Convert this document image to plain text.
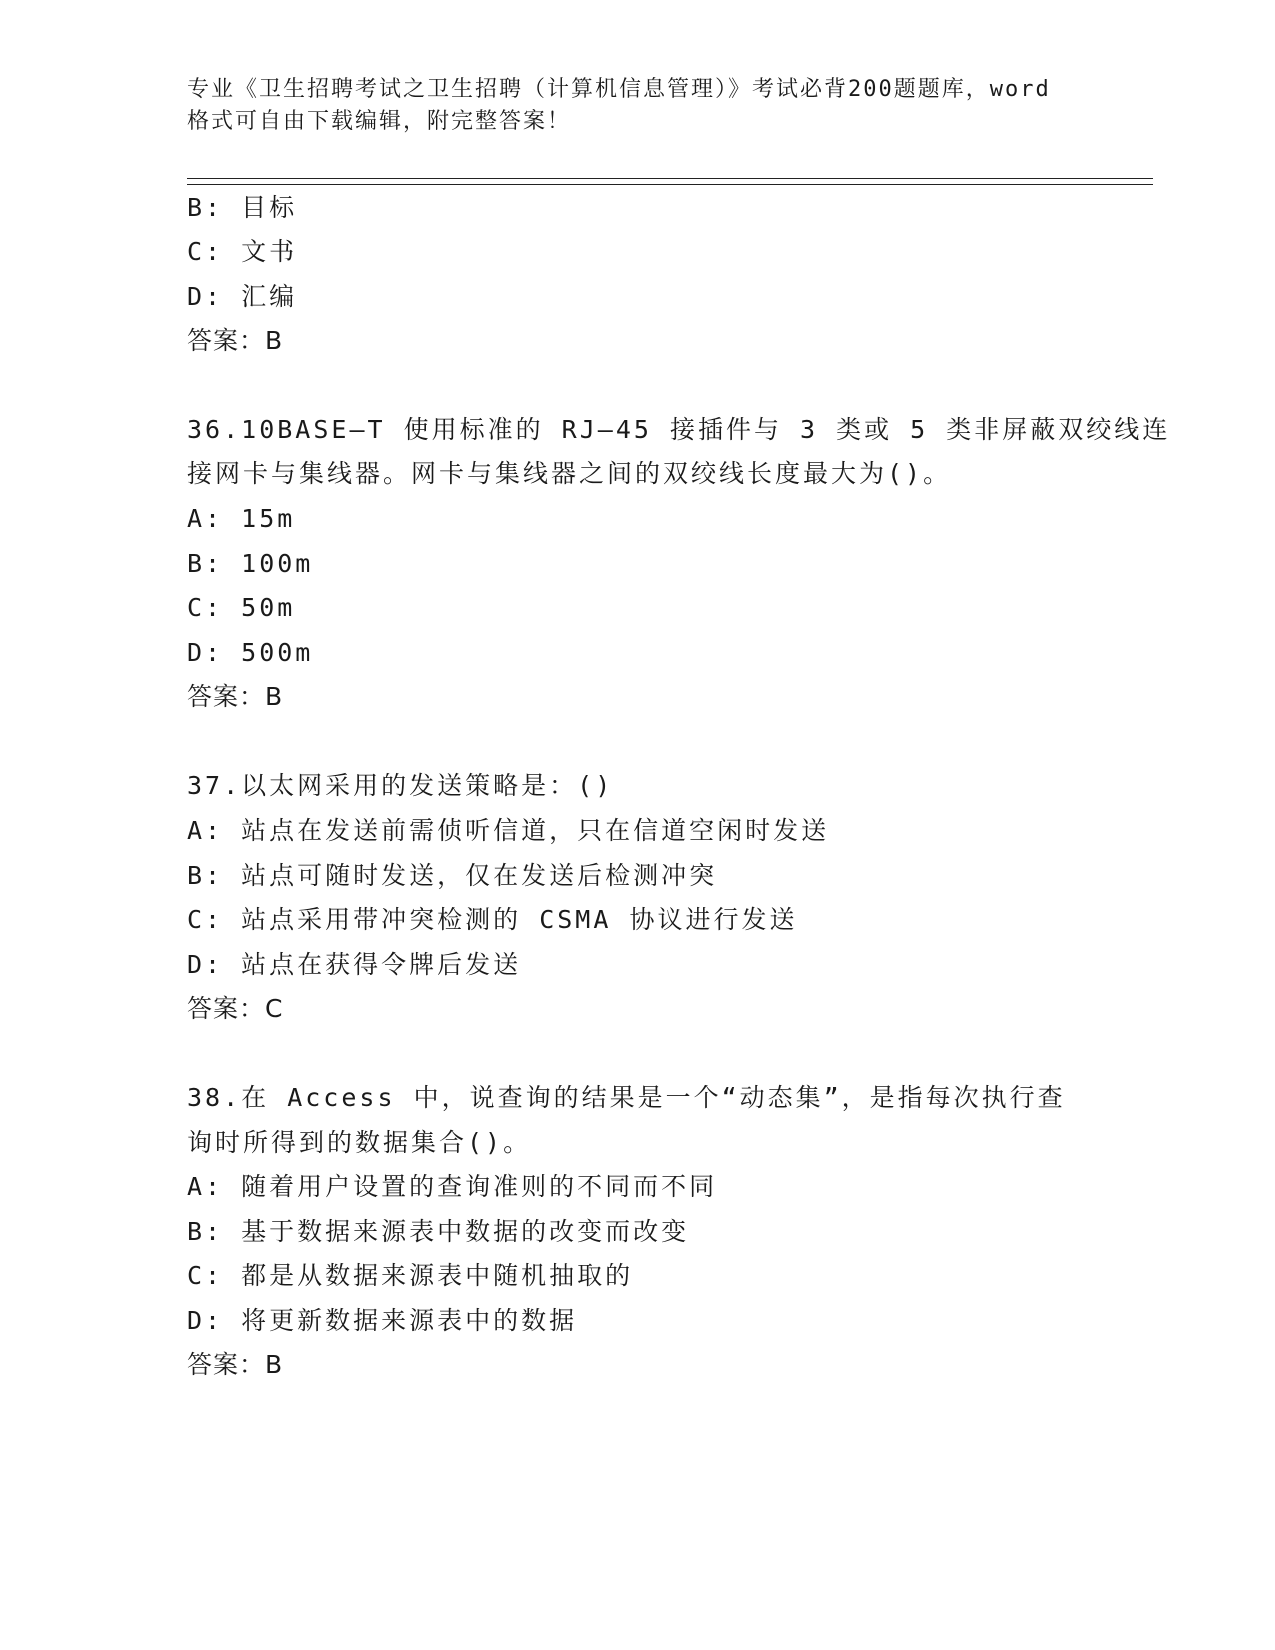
专业《卫生招聘考试之卫生招聘（计算机信息管理）》考试必背200题题库，word
格式可自由下载编辑，附完整答案！
B: 目标
C: 文书
D: 汇编
答案：B
36.10BASE—T 使用标准的 RJ—45 接插件与 3 类或 5 类非屏蔽双绞线连
接网卡与集线器。网卡与集线器之间的双绞线长度最大为()。
A: 15m
B: 100m
C: 50m
D: 500m
答案：B
37.以太网采用的发送策略是：()
A: 站点在发送前需侦听信道，只在信道空闲时发送
B: 站点可随时发送，仅在发送后检测冲突
C: 站点采用带冲突检测的 CSMA 协议进行发送
D: 站点在获得令牌后发送
答案：C
38.在 Access 中，说查询的结果是一个“动态集”，是指每次执行查
询时所得到的数据集合()。
A: 随着用户设置的查询准则的不同而不同
B: 基于数据来源表中数据的改变而改变
C: 都是从数据来源表中随机抽取的
D: 将更新数据来源表中的数据
答案：B
